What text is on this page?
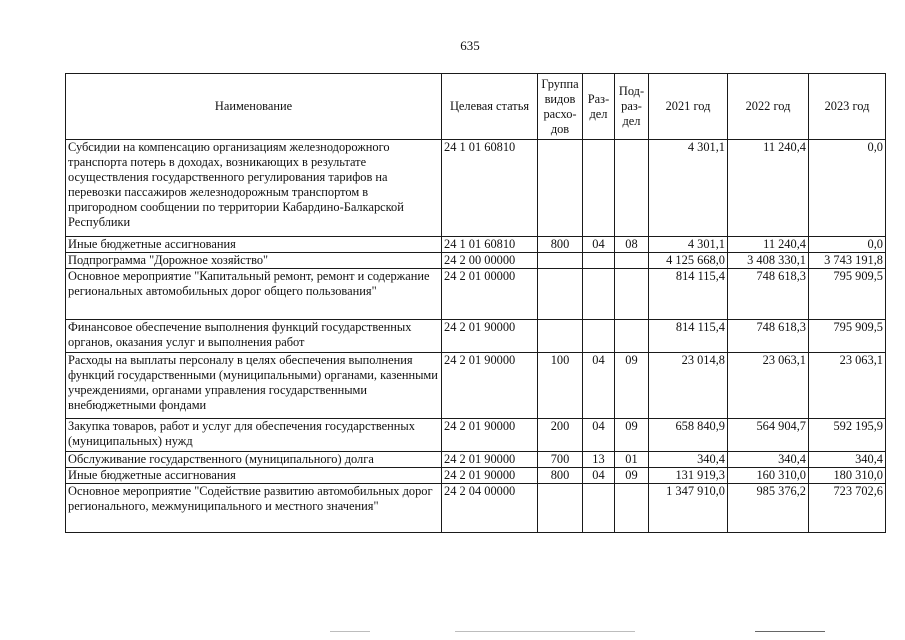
635
Наименование	Целевая статья	Группа видов расхо-дов	Раз-дел	Под-раз-дел	2021 год	2022 год	2023 год
Субсидии на компенсацию организациям железнодорожного транспорта потерь в доходах, возникающих в результате осуществления государственного регулирования тарифов на перевозки пассажиров железнодорожным транспортом в пригородном сообщении по территории Кабардино-Балкарской Республики	24 1 01 60810				4 301,1	11 240,4	0,0
Иные бюджетные ассигнования	24 1 01 60810	800	04	08	4 301,1	11 240,4	0,0
Подпрограмма "Дорожное хозяйство"	24 2 00 00000				4 125 668,0	3 408 330,1	3 743 191,8
Основное мероприятие "Капитальный ремонт, ремонт и содержание региональных автомобильных дорог общего пользования"	24 2 01 00000				814 115,4	748 618,3	795 909,5
Финансовое обеспечение выполнения функций государственных органов, оказания услуг и выполнения работ	24 2 01 90000				814 115,4	748 618,3	795 909,5
Расходы на выплаты персоналу в целях обеспечения выполнения функций государственными (муниципальными) органами, казенными учреждениями, органами управления государственными внебюджетными фондами	24 2 01 90000	100	04	09	23 014,8	23 063,1	23 063,1
Закупка товаров, работ и услуг для обеспечения государственных (муниципальных) нужд	24 2 01 90000	200	04	09	658 840,9	564 904,7	592 195,9
Обслуживание государственного (муниципального) долга	24 2 01 90000	700	13	01	340,4	340,4	340,4
Иные бюджетные ассигнования	24 2 01 90000	800	04	09	131 919,3	160 310,0	180 310,0
Основное мероприятие "Содействие развитию автомобильных дорог регионального, межмуниципального и местного значения"	24 2 04 00000				1 347 910,0	985 376,2	723 702,6
